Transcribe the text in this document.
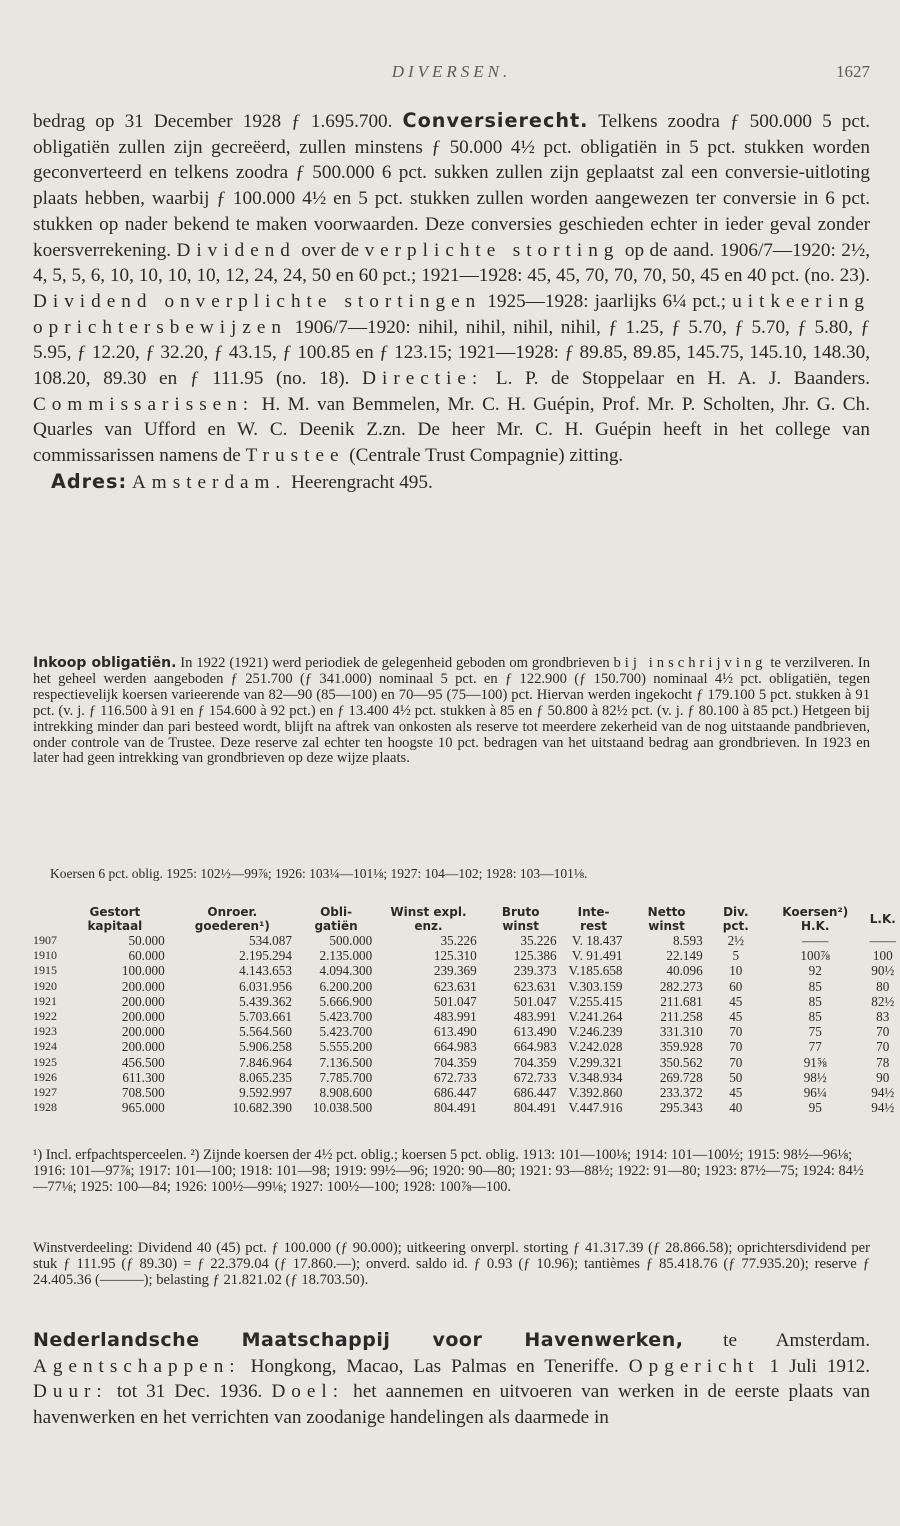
DIVERSEN.	1627

bedrag op 31 December 1928 ƒ 1.695.700. Conversierecht. Telkens zoodra ƒ 500.000 5 pct. obligatiën zullen zijn gecreëerd, zullen minstens ƒ 50.000 4½ pct. obligatiën in 5 pct. stukken worden geconverteerd en telkens zoodra ƒ 500.000 6 pct. sukken zullen zijn geplaatst zal een conversie-uitloting plaats hebben, waarbij ƒ 100.000 4½ en 5 pct. stukken zullen worden aangewezen ter conversie in 6 pct. stukken op nader bekend te maken voorwaarden. Deze conversies geschieden echter in ieder geval zonder koersverrekening. Dividend over de verplichte storting op de aand. 1906/7—1920: 2½, 4, 5, 5, 6, 10, 10, 10, 10, 12, 24, 24, 50 en 60 pct.; 1921—1928: 45, 45, 70, 70, 70, 50, 45 en 40 pct. (no. 23). Dividend onverplichte stortingen 1925—1928: jaarlijks 6¼ pct.; uitkeering oprichtersbewijzen 1906/7—1920: nihil, nihil, nihil, nihil, ƒ 1.25, ƒ 5.70, ƒ 5.70, ƒ 5.80, ƒ 5.95, ƒ 12.20, ƒ 32.20, ƒ 43.15, ƒ 100.85 en ƒ 123.15; 1921—1928: ƒ 89.85, 89.85, 145.75, 145.10, 148.30, 108.20, 89.30 en ƒ 111.95 (no. 18). Directie: L. P. de Stoppelaar en H. A. J. Baanders. Commissarissen: H. M. van Bemmelen, Mr. C. H. Guépin, Prof. Mr. P. Scholten, Jhr. G. Ch. Quarles van Ufford en W. C. Deenik Z.zn. De heer Mr. C. H. Guépin heeft in het college van commissarissen namens de Trustee (Centrale Trust Compagnie) zitting.

Adres: Amsterdam. Heerengracht 495.

Inkoop obligatiën. In 1922 (1921) werd periodiek de gelegenheid geboden om grondbrieven bij inschrijving te verzilveren. In het geheel werden aangeboden ƒ 251.700 (ƒ 341.000) nominaal 5 pct. en ƒ 122.900 (ƒ 150.700) nominaal 4½ pct. obligatiën, tegen respectievelijk koersen varieerende van 82—90 (85—100) en 70—95 (75—100) pct. Hiervan werden ingekocht ƒ 179.100 5 pct. stukken à 91 pct. (v. j. ƒ 116.500 à 91 en ƒ 154.600 à 92 pct.) en ƒ 13.400 4½ pct. stukken à 85 en ƒ 50.800 à 82½ pct. (v. j. ƒ 80.100 à 85 pct.) Hetgeen bij intrekking minder dan pari besteed wordt, blijft na aftrek van onkosten als reserve tot meerdere zekerheid van de nog uitstaande pandbrieven, onder controle van de Trustee. Deze reserve zal echter ten hoogste 10 pct. bedragen van het uitstaand bedrag aan grondbrieven. In 1923 en later had geen intrekking van grondbrieven op deze wijze plaats.

Koersen 6 pct. oblig. 1925: 102½—99⅞; 1926: 103¼—101⅛; 1927: 104—102; 1928: 103—101⅛.
	Gestort kapitaal	Onroer. goederen¹)	Obli-gatiën	Winst expl. enz.	Bruto winst	Inte-rest	Netto winst	Div. pct.	Koersen²) H.K.	L.K.
1907	50.000	534.087	500.000	35.226	35.226	V. 18.437	8.593	2½	——	——
1910	60.000	2.195.294	2.135.000	125.310	125.386	V. 91.491	22.149	5	100⅞	100
1915	100.000	4.143.653	4.094.300	239.369	239.373	V.185.658	40.096	10	92	90½
1920	200.000	6.031.956	6.200.200	623.631	623.631	V.303.159	282.273	60	85	80
1921	200.000	5.439.362	5.666.900	501.047	501.047	V.255.415	211.681	45	85	82½
1922	200.000	5.703.661	5.423.700	483.991	483.991	V.241.264	211.258	45	85	83
1923	200.000	5.564.560	5.423.700	613.490	613.490	V.246.239	331.310	70	75	70
1924	200.000	5.906.258	5.555.200	664.983	664.983	V.242.028	359.928	70	77	70
1925	456.500	7.846.964	7.136.500	704.359	704.359	V.299.321	350.562	70	91⅝	78
1926	611.300	8.065.235	7.785.700	672.733	672.733	V.348.934	269.728	50	98½	90
1927	708.500	9.592.997	8.908.600	686.447	686.447	V.392.860	233.372	45	96¼	94½
1928	965.000	10.682.390	10.038.500	804.491	804.491	V.447.916	295.343	40	95	94½

¹) Incl. erfpachtsperceelen. ²) Zijnde koersen der 4½ pct. oblig.; koersen 5 pct. oblig. 1913: 101—100⅛; 1914: 101—100½; 1915: 98½—96⅛; 1916: 101—97⅞; 1917: 101—100; 1918: 101—98; 1919: 99½—96; 1920: 90—80; 1921: 93—88½; 1922: 91—80; 1923: 87½—75; 1924: 84½—77⅛; 1925: 100—84; 1926: 100½—99⅛; 1927: 100½—100; 1928: 100⅞—100.

Winstverdeeling: Dividend 40 (45) pct. ƒ 100.000 (ƒ 90.000); uitkeering onverpl. storting ƒ 41.317.39 (ƒ 28.866.58); oprichtersdividend per stuk ƒ 111.95 (ƒ 89.30) = ƒ 22.379.04 (ƒ 17.860.—); onverd. saldo id. ƒ 0.93 (ƒ 10.96); tantièmes ƒ 85.418.76 (ƒ 77.935.20); reserve ƒ 24.405.36 (———); belasting ƒ 21.821.02 (ƒ 18.703.50).

Nederlandsche Maatschappij voor Havenwerken, te Amsterdam. Agentschappen: Hongkong, Macao, Las Palmas en Teneriffe. Opgericht 1 Juli 1912. Duur: tot 31 Dec. 1936. Doel: het aannemen en uitvoeren van werken in de eerste plaats van havenwerken en het verrichten van zoodanige handelingen als daarmede in
